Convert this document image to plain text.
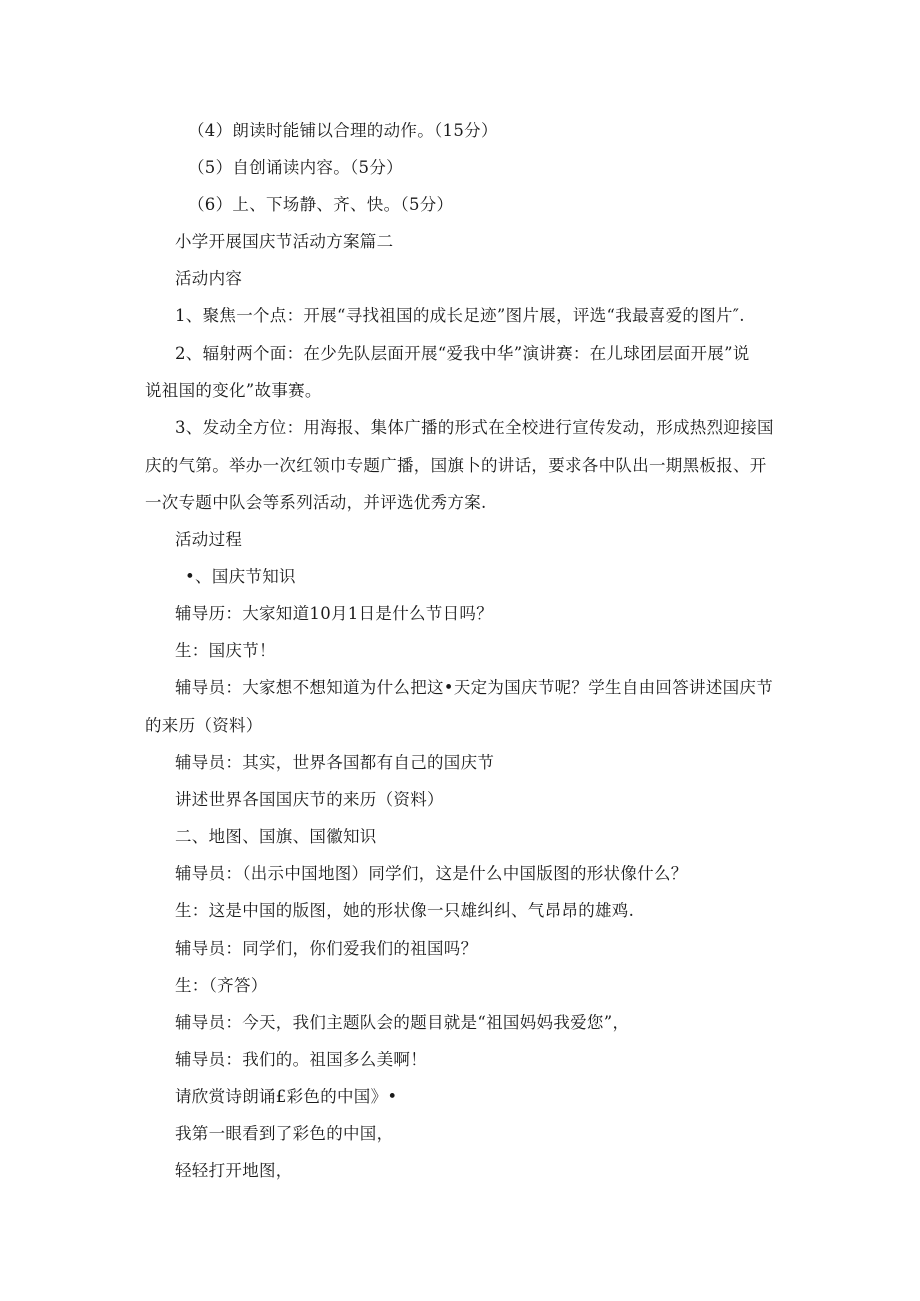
（4）朗读时能铺以合理的动作。（15分）
（5）自创诵读内容。（5分）
（6）上、下场静、齐、快。（5分）
小学开展国庆节活动方案篇二
活动内容
1、聚焦一个点：开展“寻找祖国的成长足迹”图片展，评选“我最喜爱的图片″.
2、辐射两个面：在少先队层面开展“爱我中华”演讲赛：在儿球团层面开展”说
说祖国的变化”故事赛。
3、发动全方位：用海报、集体广播的形式在全校进行宣传发动，形成热烈迎接国
庆的气第。举办一次红领巾专题广播，国旗卜的讲话，要求各中队出一期黑板报、开
一次专题中队会等系列活动，并评选优秀方案.
活动过程
•、国庆节知识
辅导历：大家知道10月1日是什么节日吗？
生：国庆节！
辅导员：大家想不想知道为什么把这•天定为国庆节呢？学生自由回答讲述国庆节
的来历（资料）
辅导员：其实，世界各国都有自己的国庆节
讲述世界各国国庆节的来历（资料）
二、地图、国旗、国徽知识
辅导员：（出示中国地图）同学们，这是什么中国版图的形状像什么？
生：这是中国的版图，她的形状像一只雄纠纠、气昂昂的雄鸡.
辅导员：同学们，你们爱我们的祖国吗？
生：（齐答）
辅导员：今天，我们主题队会的题目就是“祖国妈妈我爱您”，
辅导员：我们的。祖国多么美啊！
请欣赏诗朗诵£彩色的中国》•
我第一眼看到了彩色的中国，
轻轻打开地图，
